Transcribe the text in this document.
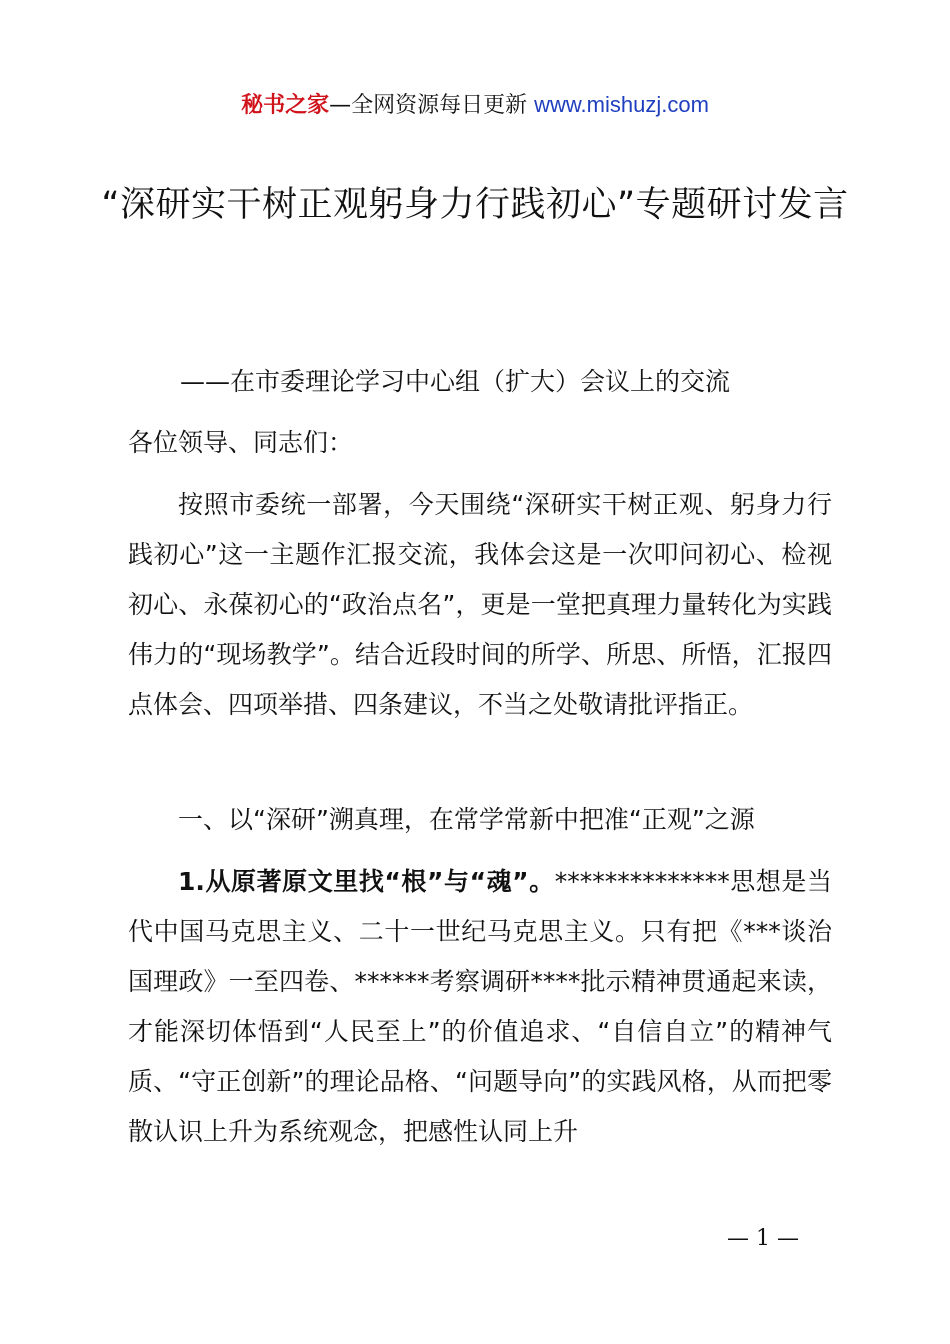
秘书之家—全网资源每日更新 www.mishuzj.com
“深研实干树正观躬身力行践初心”专题研讨发言
——在市委理论学习中心组（扩大）会议上的交流
各位领导、同志们：
按照市委统一部署，今天围绕“深研实干树正观、躬身力行践初心”这一主题作汇报交流，我体会这是一次叩问初心、检视初心、永葆初心的“政治点名”，更是一堂把真理力量转化为实践伟力的“现场教学”。结合近段时间的所学、所思、所悟，汇报四点体会、四项举措、四条建议，不当之处敬请批评指正。
一、以“深研”溯真理，在常学常新中把准“正观”之源
1.从原著原文里找“根”与“魂”。**************思想是当代中国马克思主义、二十一世纪马克思主义。只有把《***谈治国理政》一至四卷、******考察调研****批示精神贯通起来读，才能深切体悟到“人民至上”的价值追求、“自信自立”的精神气质、“守正创新”的理论品格、“问题导向”的实践风格，从而把零散认识上升为系统观念，把感性认同上升
— 1 —
